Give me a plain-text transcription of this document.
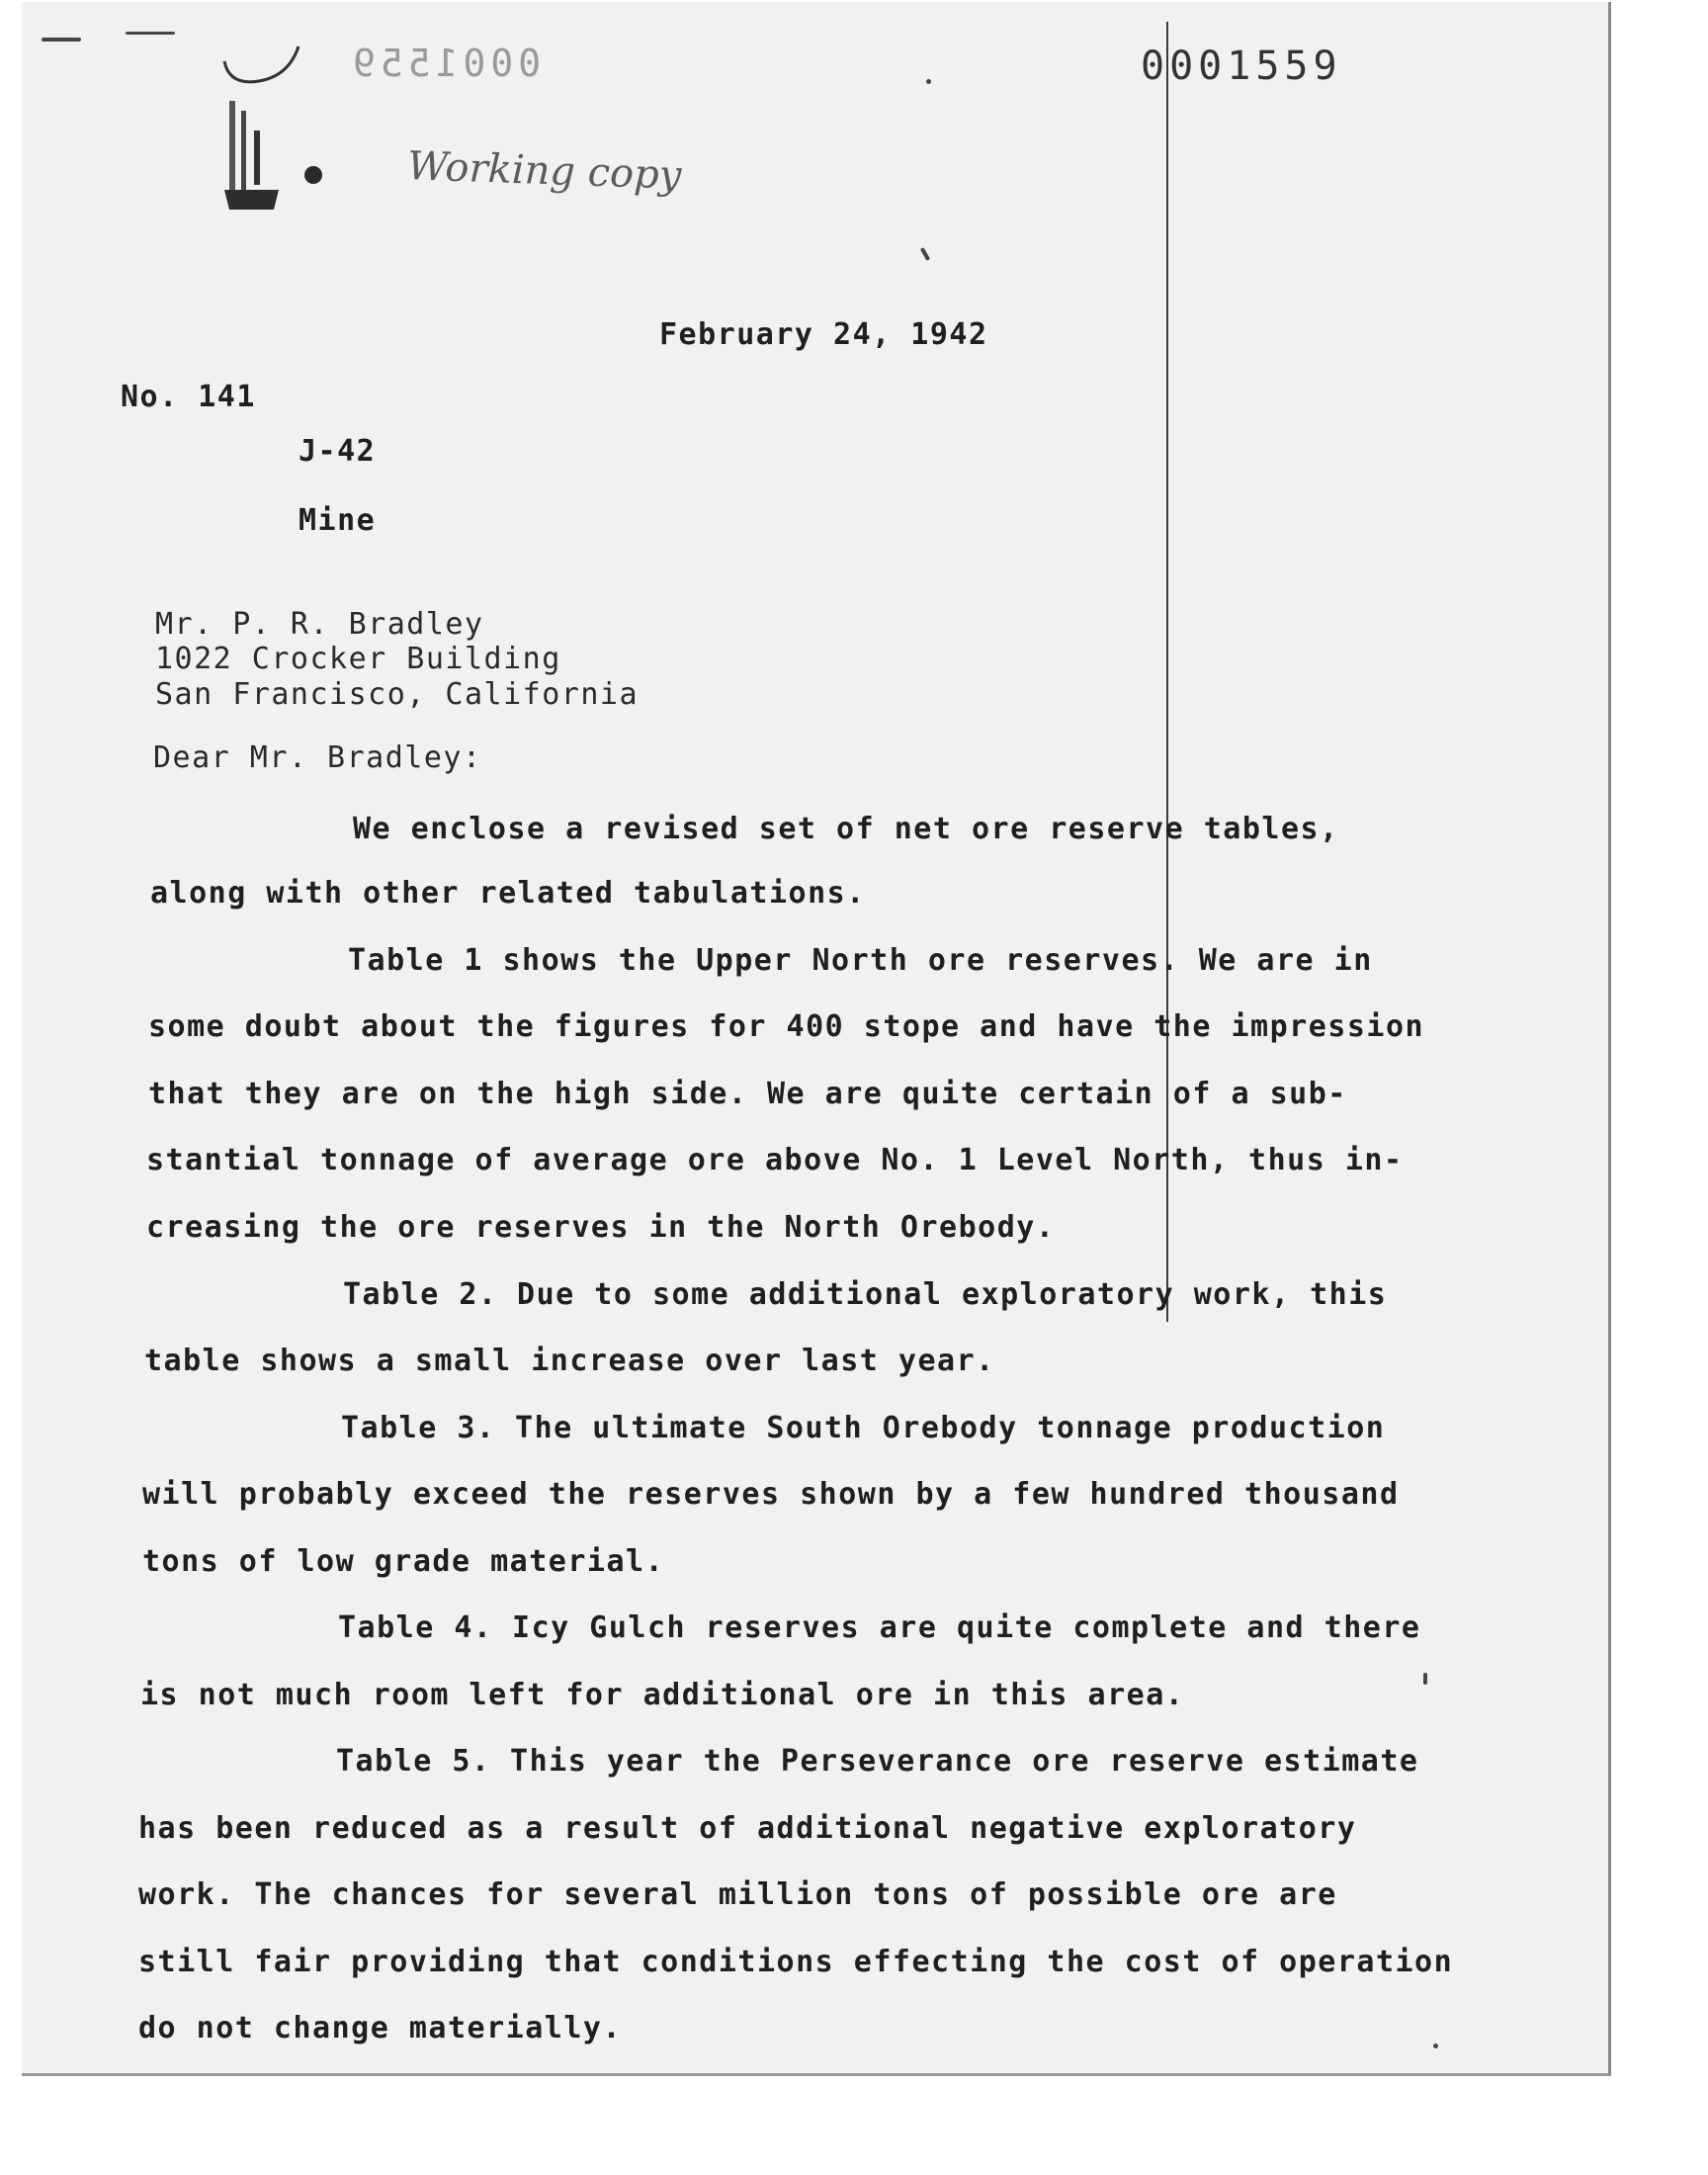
0001559	0001559
Working copy
February 24, 1942
No. 141
J-42
Mine
Mr. P. R. Bradley
1022 Crocker Building
San Francisco, California
Dear Mr. Bradley:
We enclose a revised set of net ore reserve tables,
along with other related tabulations.
Table 1 shows the Upper North ore reserves. We are in
some doubt about the figures for 400 stope and have the impression
that they are on the high side. We are quite certain of a sub-
stantial tonnage of average ore above No. 1 Level North, thus in-
creasing the ore reserves in the North Orebody.
Table 2. Due to some additional exploratory work, this
table shows a small increase over last year.
Table 3. The ultimate South Orebody tonnage production
will probably exceed the reserves shown by a few hundred thousand
tons of low grade material.
Table 4. Icy Gulch reserves are quite complete and there
is not much room left for additional ore in this area.
Table 5. This year the Perseverance ore reserve estimate
has been reduced as a result of additional negative exploratory
work. The chances for several million tons of possible ore are
still fair providing that conditions effecting the cost of operation
do not change materially.
